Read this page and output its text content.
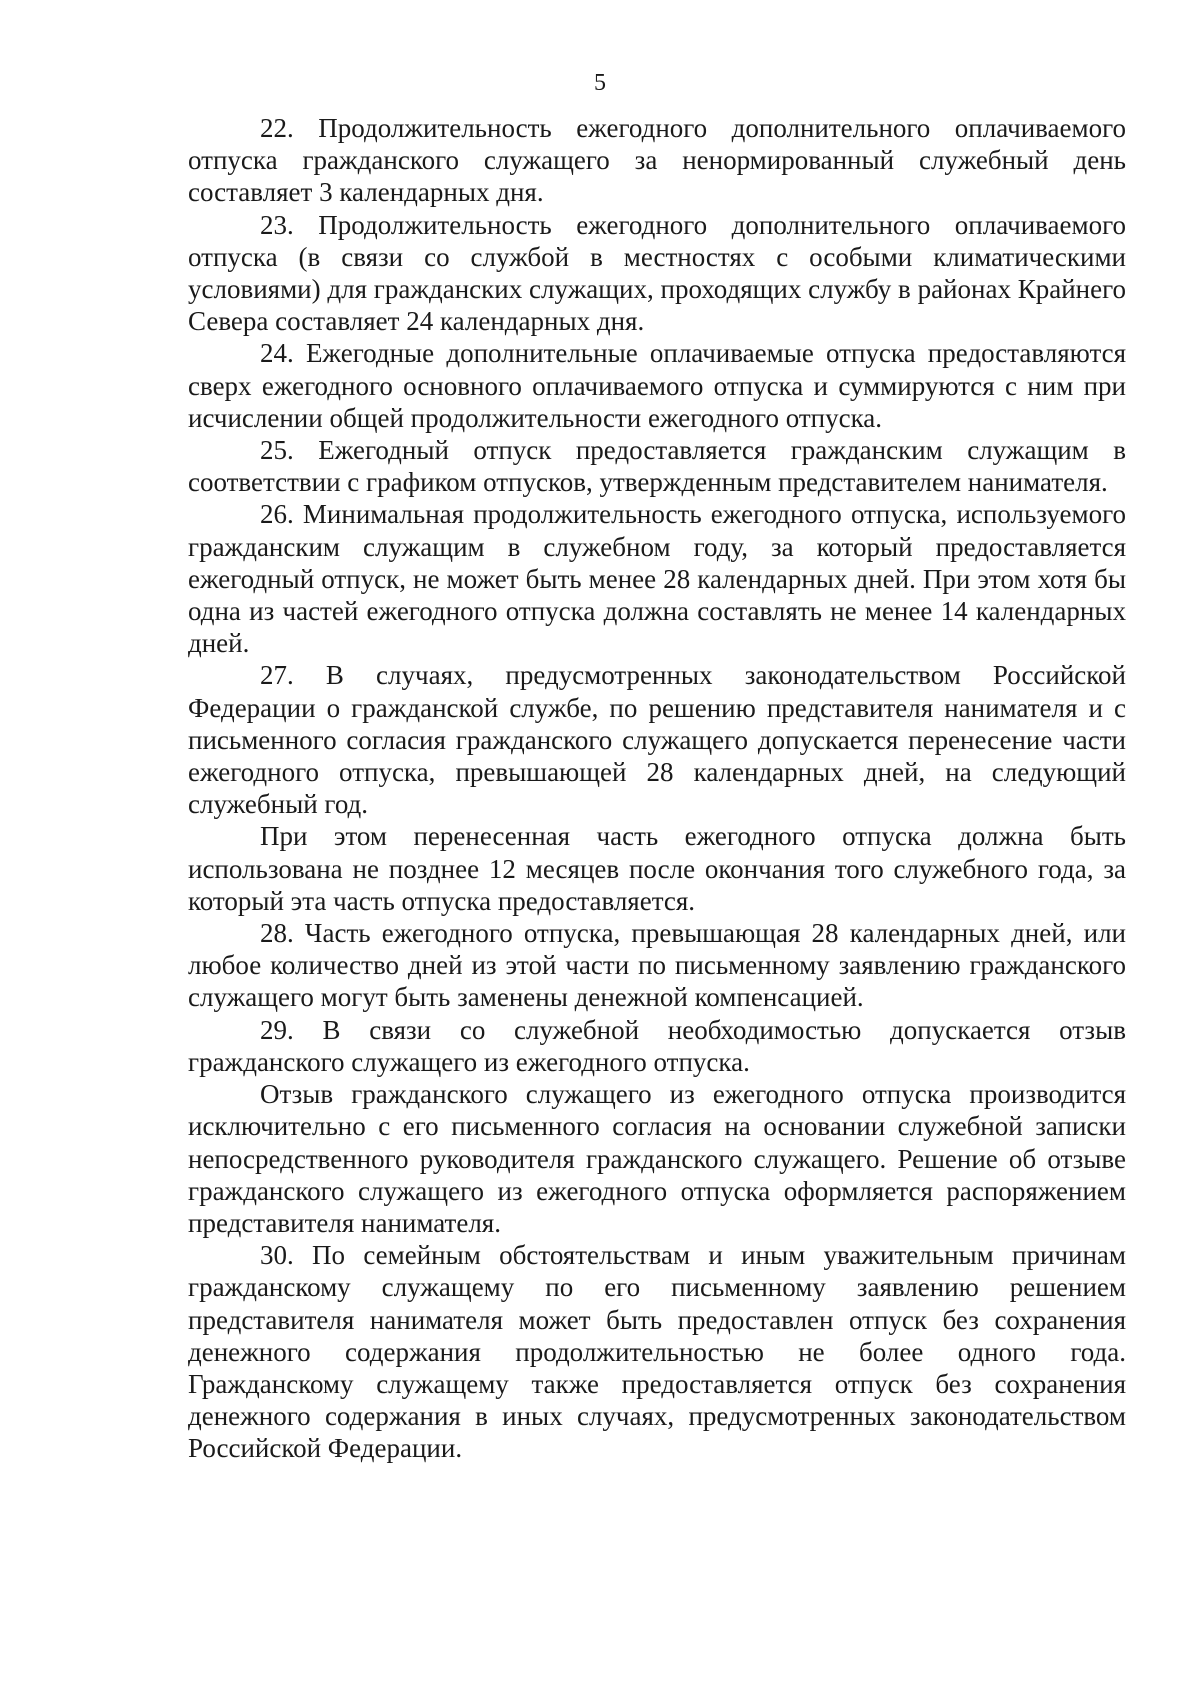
5

22. Продолжительность ежегодного дополнительного оплачиваемого отпуска гражданского служащего за ненормированный служебный день составляет 3 календарных дня.

23. Продолжительность ежегодного дополнительного оплачиваемого отпуска (в связи со службой в местностях с особыми климатическими условиями) для гражданских служащих, проходящих службу в районах Крайнего Севера составляет 24 календарных дня.

24. Ежегодные дополнительные оплачиваемые отпуска предоставляются сверх ежегодного основного оплачиваемого отпуска и суммируются с ним при исчислении общей продолжительности ежегодного отпуска.

25. Ежегодный отпуск предоставляется гражданским служащим в соответствии с графиком отпусков, утвержденным представителем нанимателя.

26. Минимальная продолжительность ежегодного отпуска, используемого гражданским служащим в служебном году, за который предоставляется ежегодный отпуск, не может быть менее 28 календарных дней. При этом хотя бы одна из частей ежегодного отпуска должна составлять не менее 14 календарных дней.

27. В случаях, предусмотренных законодательством Российской Федерации о гражданской службе, по решению представителя нанимателя и с письменного согласия гражданского служащего допускается перенесение части ежегодного отпуска, превышающей 28 календарных дней, на следующий служебный год.

При этом перенесенная часть ежегодного отпуска должна быть использована не позднее 12 месяцев после окончания того служебного года, за который эта часть отпуска предоставляется.

28. Часть ежегодного отпуска, превышающая 28 календарных дней, или любое количество дней из этой части по письменному заявлению гражданского служащего могут быть заменены денежной компенсацией.

29. В связи со служебной необходимостью допускается отзыв гражданского служащего из ежегодного отпуска.

Отзыв гражданского служащего из ежегодного отпуска производится исключительно с его письменного согласия на основании служебной записки непосредственного руководителя гражданского служащего. Решение об отзыве гражданского служащего из ежегодного отпуска оформляется распоряжением представителя нанимателя.

30. По семейным обстоятельствам и иным уважительным причинам гражданскому служащему по его письменному заявлению решением представителя нанимателя может быть предоставлен отпуск без сохранения денежного содержания продолжительностью не более одного года. Гражданскому служащему также предоставляется отпуск без сохранения денежного содержания в иных случаях, предусмотренных законодательством Российской Федерации.
